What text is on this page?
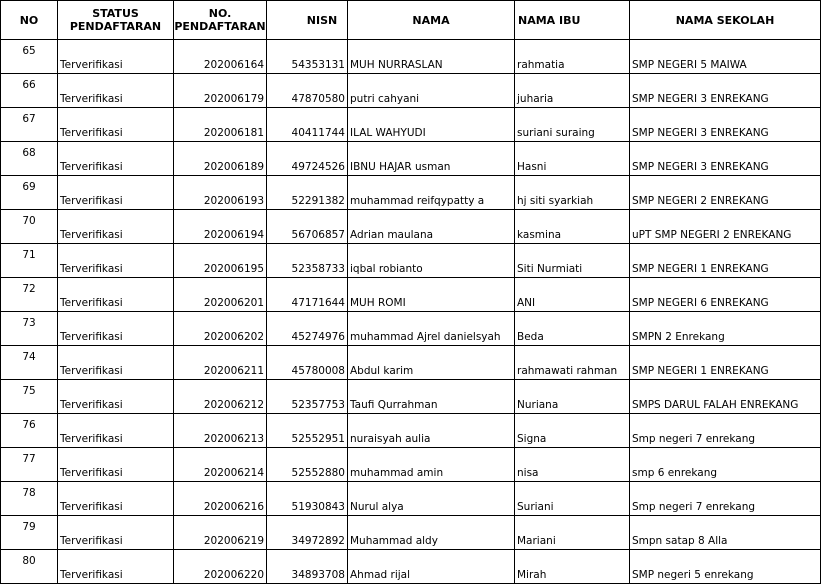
NO	STATUS PENDAFTARAN	NO. PENDAFTARAN	NISN	NAMA	NAMA IBU	NAMA SEKOLAH
65	Terverifikasi	202006164	54353131	MUH NURRASLAN	rahmatia	SMP NEGERI 5 MAIWA
66	Terverifikasi	202006179	47870580	putri cahyani	juharia	SMP NEGERI 3 ENREKANG
67	Terverifikasi	202006181	40411744	ILAL WAHYUDI	suriani suraing	SMP NEGERI 3 ENREKANG
68	Terverifikasi	202006189	49724526	IBNU HAJAR usman	Hasni	SMP NEGERI 3 ENREKANG
69	Terverifikasi	202006193	52291382	muhammad reifqypatty a	hj siti syarkiah	SMP NEGERI 2 ENREKANG
70	Terverifikasi	202006194	56706857	Adrian maulana	kasmina	uPT SMP NEGERI 2 ENREKANG
71	Terverifikasi	202006195	52358733	iqbal robianto	Siti Nurmiati	SMP NEGERI 1 ENREKANG
72	Terverifikasi	202006201	47171644	MUH ROMI	ANI	SMP NEGERI 6 ENREKANG
73	Terverifikasi	202006202	45274976	muhammad Ajrel danielsyah	Beda	SMPN 2 Enrekang
74	Terverifikasi	202006211	45780008	Abdul karim	rahmawati rahman	SMP NEGERI 1 ENREKANG
75	Terverifikasi	202006212	52357753	Taufi Qurrahman	Nuriana	SMPS DARUL FALAH ENREKANG
76	Terverifikasi	202006213	52552951	nuraisyah aulia	Signa	Smp negeri 7 enrekang
77	Terverifikasi	202006214	52552880	muhammad amin	nisa	smp 6 enrekang
78	Terverifikasi	202006216	51930843	Nurul alya	Suriani	Smp negeri 7 enrekang
79	Terverifikasi	202006219	34972892	Muhammad aldy	Mariani	Smpn satap 8 Alla
80	Terverifikasi	202006220	34893708	Ahmad rijal	Mirah	SMP negeri 5 enrekang
